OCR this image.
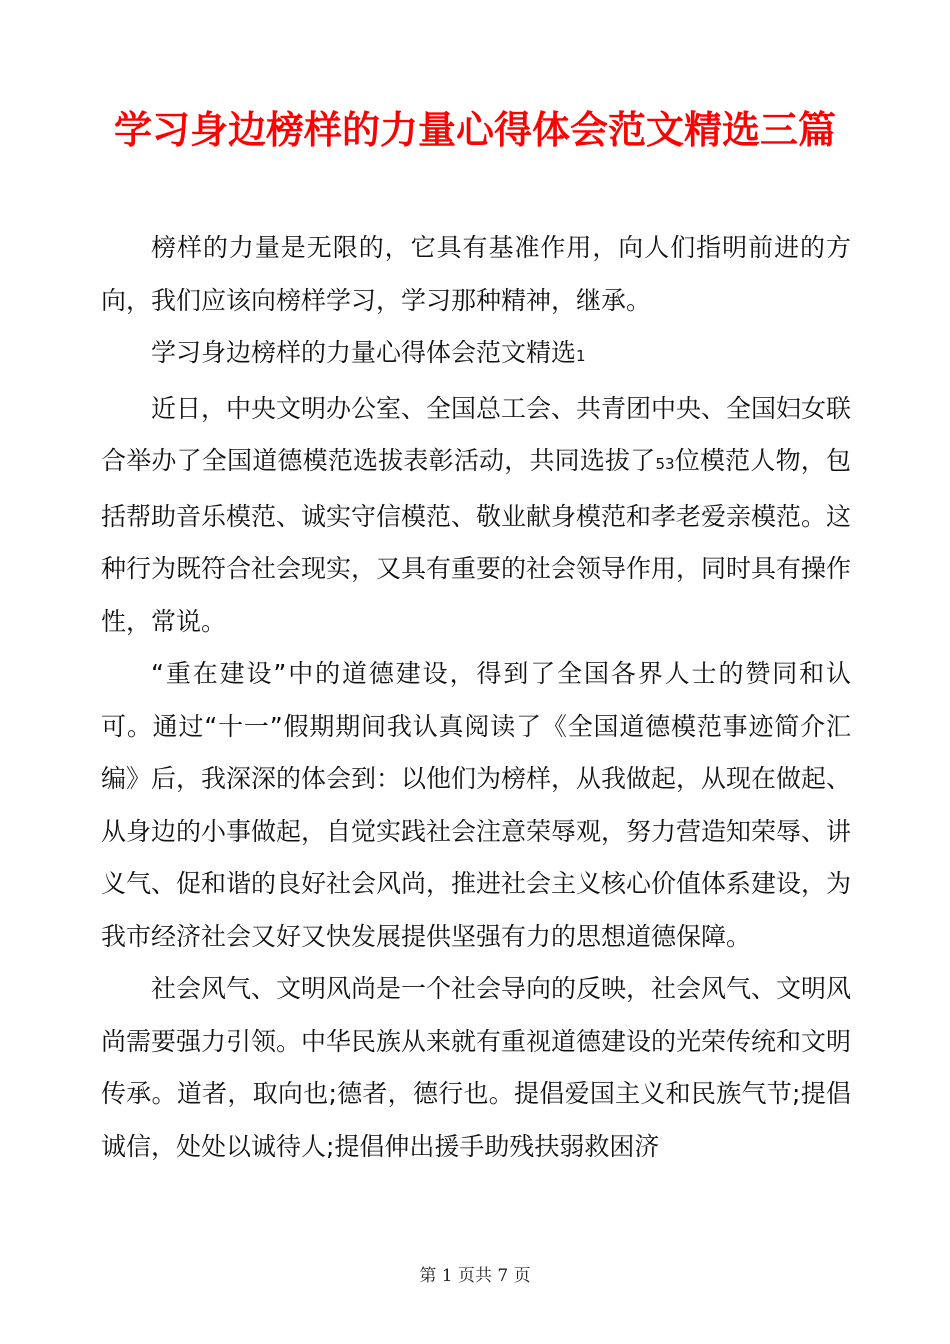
学习身边榜样的力量心得体会范文精选三篇

榜样的力量是无限的，它具有基准作用，向人们指明前进的方向，我们应该向榜样学习，学习那种精神，继承。

学习身边榜样的力量心得体会范文精选1

近日，中央文明办公室、全国总工会、共青团中央、全国妇女联合举办了全国道德模范选拔表彰活动，共同选拔了53位模范人物，包括帮助音乐模范、诚实守信模范、敬业献身模范和孝老爱亲模范。这种行为既符合社会现实，又具有重要的社会领导作用，同时具有操作性，常说。

“重在建设”中的道德建设，得到了全国各界人士的赞同和认可。通过“十一”假期期间我认真阅读了《全国道德模范事迹简介汇编》后，我深深的体会到：以他们为榜样，从我做起，从现在做起、从身边的小事做起，自觉实践社会注意荣辱观，努力营造知荣辱、讲义气、促和谐的良好社会风尚，推进社会主义核心价值体系建设，为我市经济社会又好又快发展提供坚强有力的思想道德保障。

社会风气、文明风尚是一个社会导向的反映，社会风气、文明风尚需要强力引领。中华民族从来就有重视道德建设的光荣传统和文明传承。道者，取向也;德者，德行也。提倡爱国主义和民族气节;提倡诚信，处处以诚待人;提倡伸出援手助残扶弱救困济

第 1 页共 7 页
